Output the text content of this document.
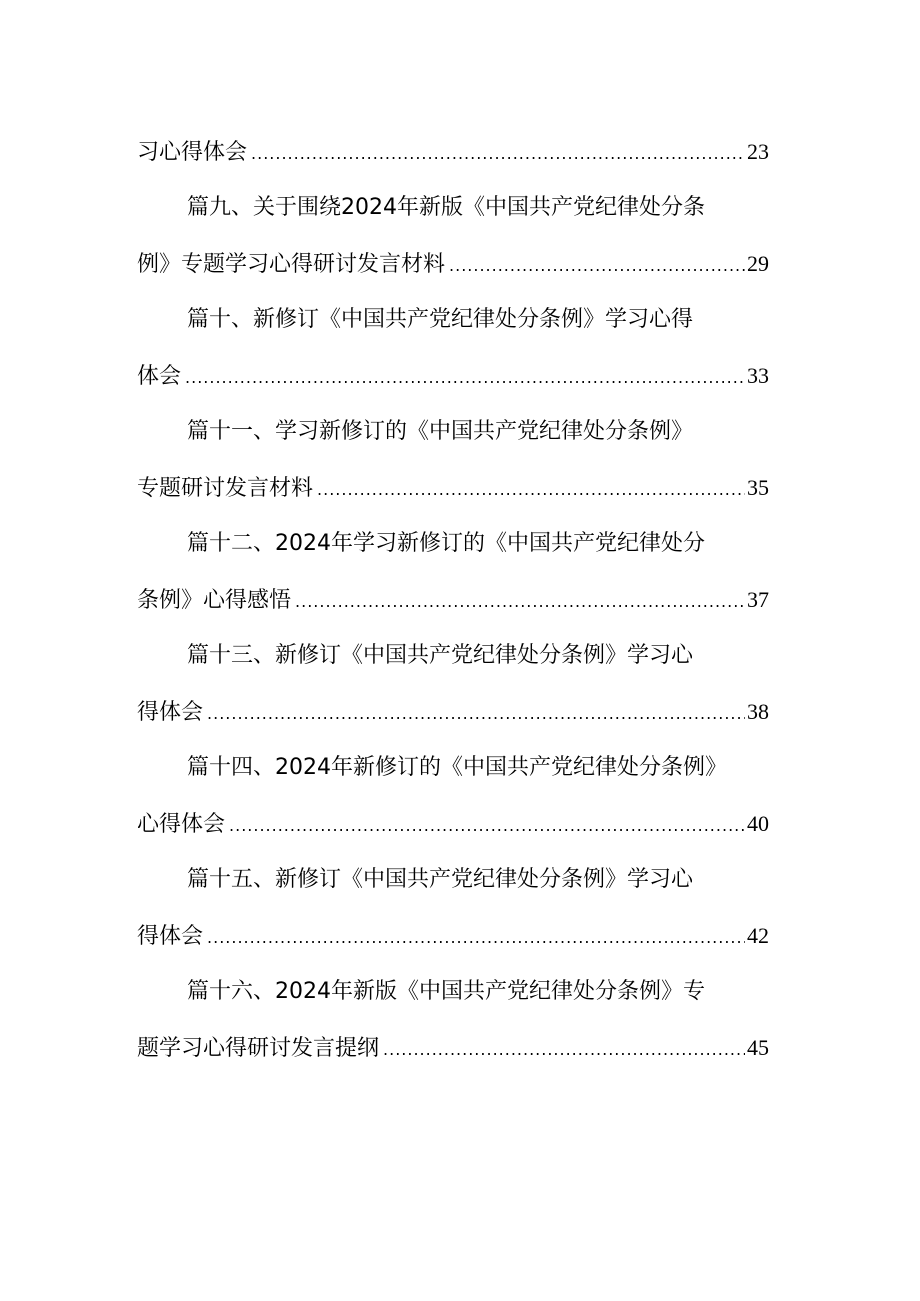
习心得体会 .....	23
篇九、关于围绕2024年新版《中国共产党纪律处分条
例》专题学习心得研讨发言材料 .....	29
篇十、新修订《中国共产党纪律处分条例》学习心得
体会 .....	33
篇十一、学习新修订的《中国共产党纪律处分条例》
专题研讨发言材料 .....	35
篇十二、2024年学习新修订的《中国共产党纪律处分
条例》心得感悟 .....	37
篇十三、新修订《中国共产党纪律处分条例》学习心
得体会 .....	38
篇十四、2024年新修订的《中国共产党纪律处分条例》
心得体会 .....	40
篇十五、新修订《中国共产党纪律处分条例》学习心
得体会 .....	42
篇十六、2024年新版《中国共产党纪律处分条例》专
题学习心得研讨发言提纲 .....	45
